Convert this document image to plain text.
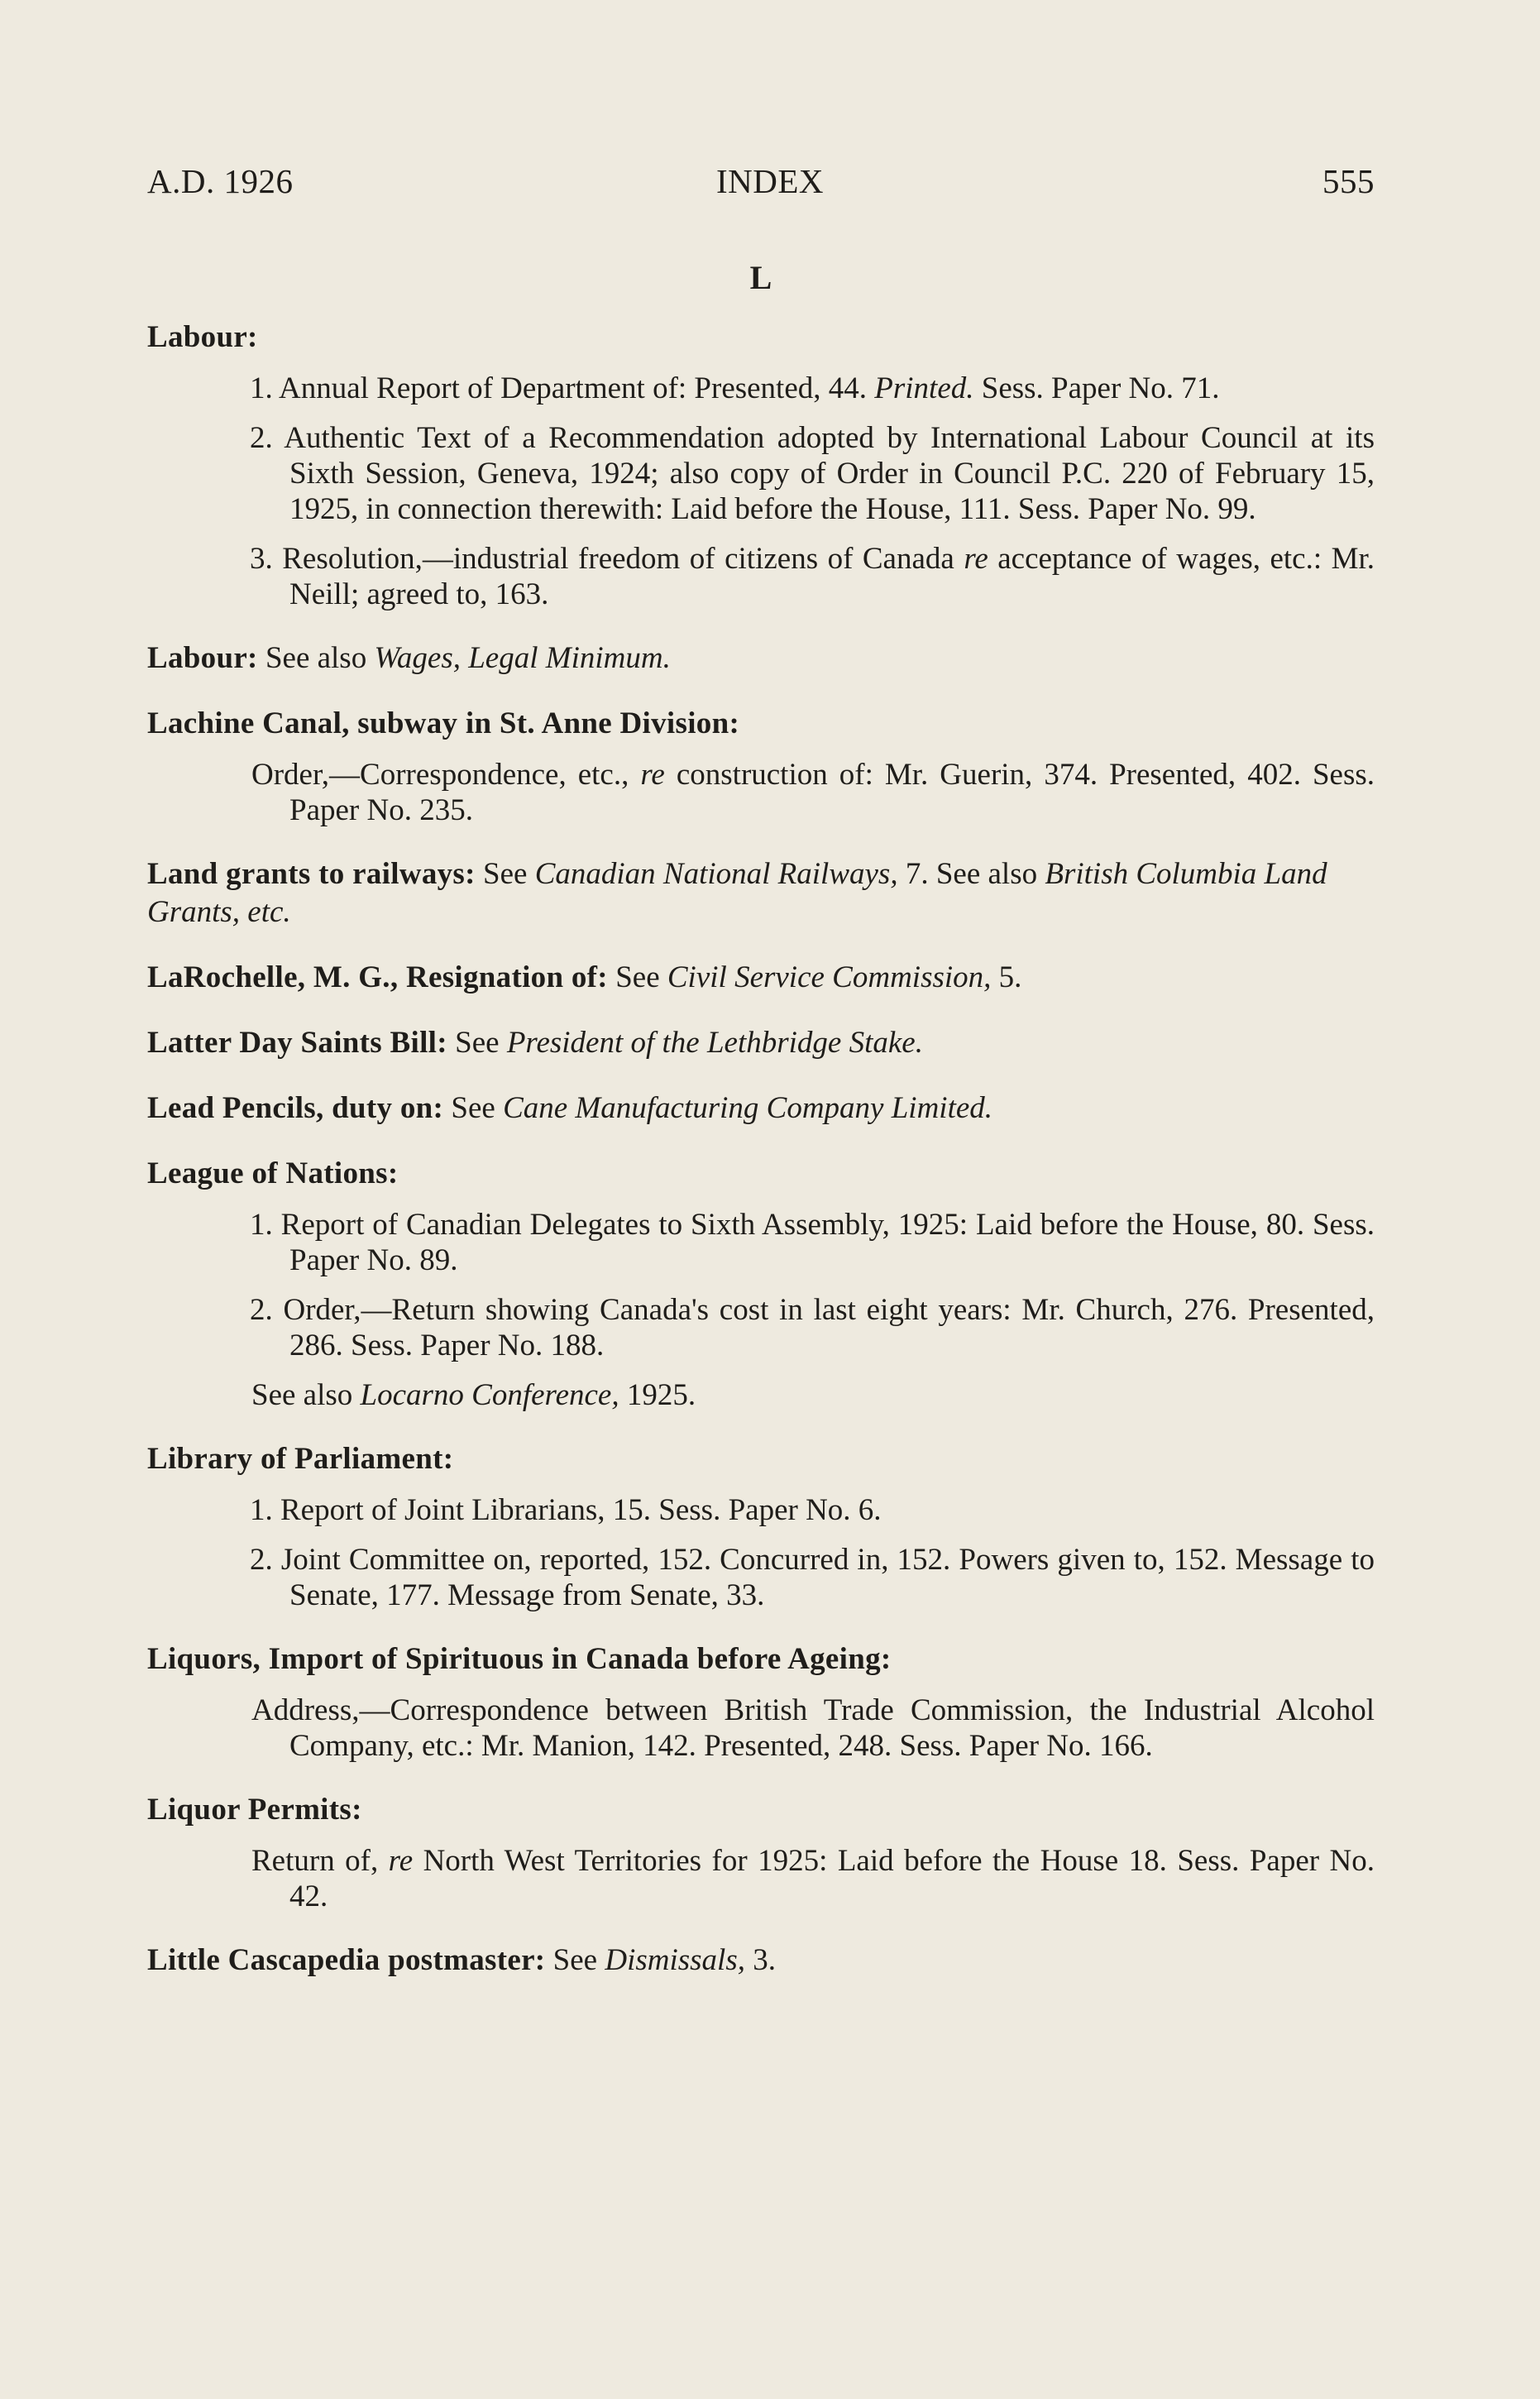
A.D. 1926	INDEX	555
L
Labour:
1. Annual Report of Department of: Presented, 44. Printed. Sess. Paper No. 71.
2. Authentic Text of a Recommendation adopted by International Labour Council at its Sixth Session, Geneva, 1924; also copy of Order in Council P.C. 220 of February 15, 1925, in connection therewith: Laid before the House, 111. Sess. Paper No. 99.
3. Resolution,—industrial freedom of citizens of Canada re acceptance of wages, etc.: Mr. Neill; agreed to, 163.
Labour: See also Wages, Legal Minimum.
Lachine Canal, subway in St. Anne Division:
Order,—Correspondence, etc., re construction of: Mr. Guerin, 374. Presented, 402. Sess. Paper No. 235.
Land grants to railways: See Canadian National Railways, 7. See also British Columbia Land Grants, etc.
LaRochelle, M. G., Resignation of: See Civil Service Commission, 5.
Latter Day Saints Bill: See President of the Lethbridge Stake.
Lead Pencils, duty on: See Cane Manufacturing Company Limited.
League of Nations:
1. Report of Canadian Delegates to Sixth Assembly, 1925: Laid before the House, 80. Sess. Paper No. 89.
2. Order,—Return showing Canada's cost in last eight years: Mr. Church, 276. Presented, 286. Sess. Paper No. 188.
See also Locarno Conference, 1925.
Library of Parliament:
1. Report of Joint Librarians, 15. Sess. Paper No. 6.
2. Joint Committee on, reported, 152. Concurred in, 152. Powers given to, 152. Message to Senate, 177. Message from Senate, 33.
Liquors, Import of Spirituous in Canada before Ageing:
Address,—Correspondence between British Trade Commission, the Industrial Alcohol Company, etc.: Mr. Manion, 142. Presented, 248. Sess. Paper No. 166.
Liquor Permits:
Return of, re North West Territories for 1925: Laid before the House 18. Sess. Paper No. 42.
Little Cascapedia postmaster: See Dismissals, 3.
